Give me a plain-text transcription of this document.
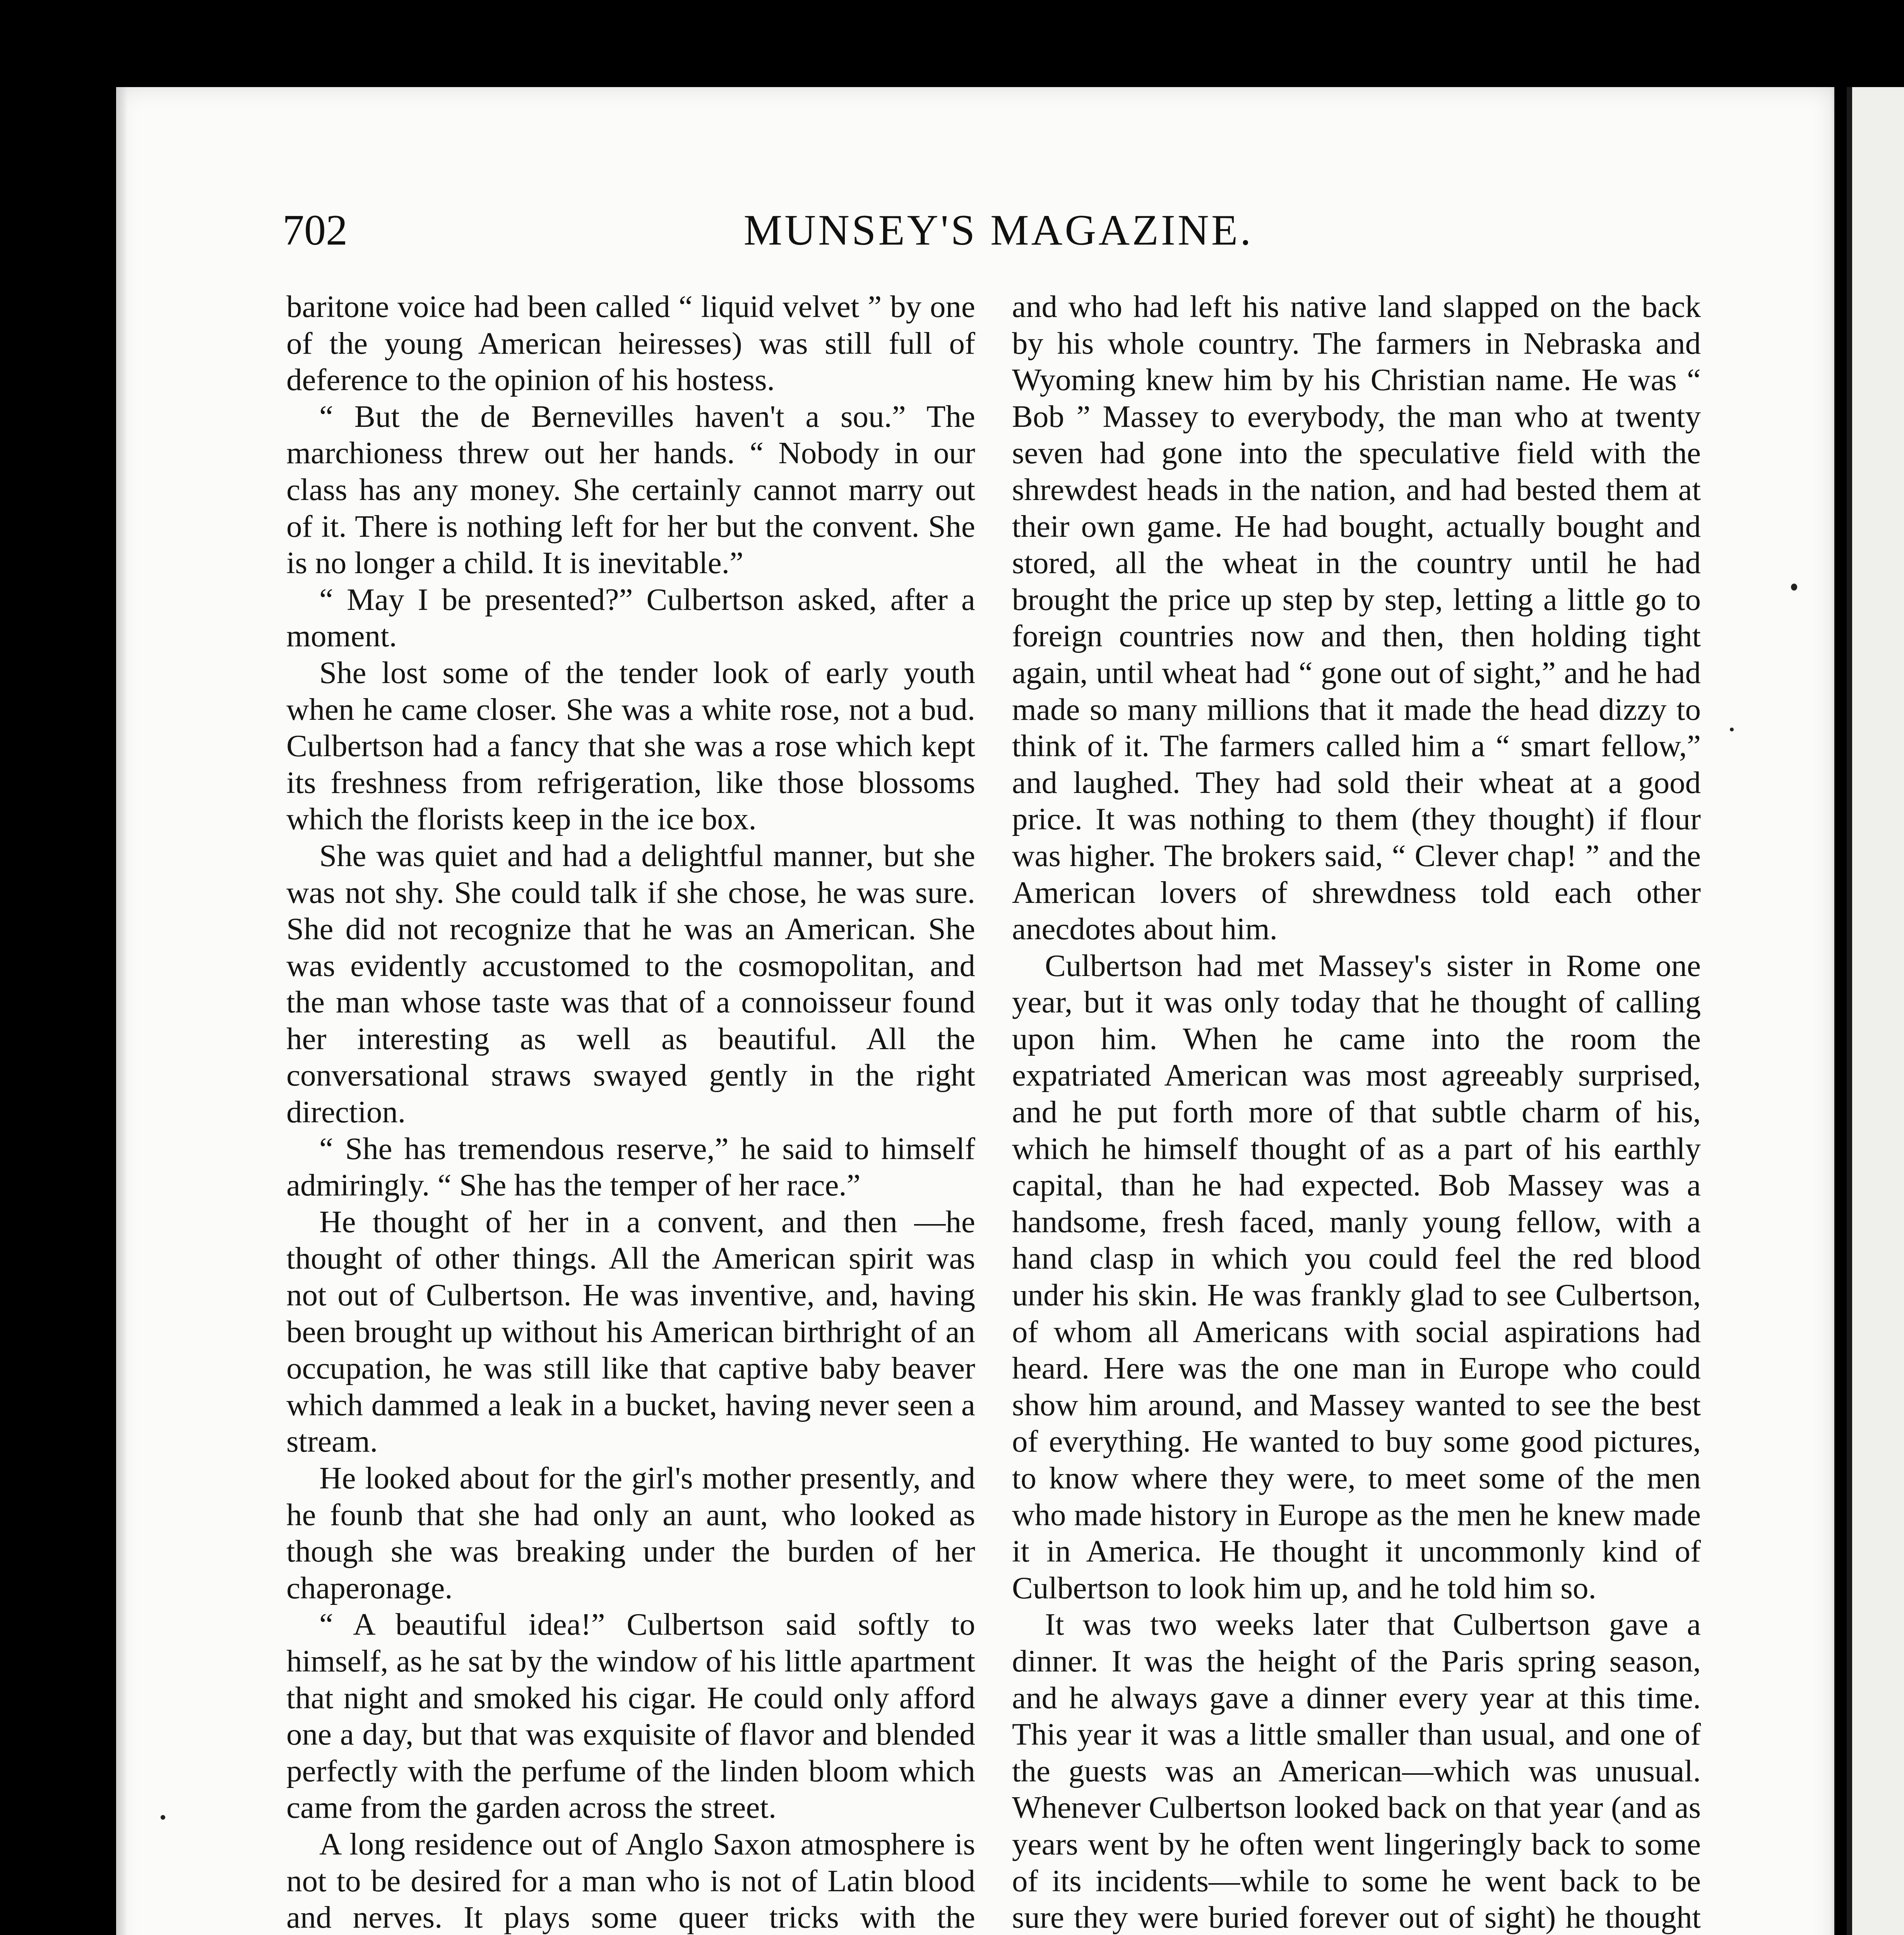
702	MUNSEY'S MAGAZINE.

baritone voice had been called “ liquid velvet ” by one of the young American heiresses) was still full of deference to the opinion of his hostess.

“ But the de Bernevilles haven't a sou.” The marchioness threw out her hands. “ Nobody in our class has any money. She certainly cannot marry out of it. There is nothing left for her but the convent. She is no longer a child. It is inevitable.”

“ May I be presented?” Culbertson asked, after a moment.

She lost some of the tender look of early youth when he came closer. She was a white rose, not a bud. Culbertson had a fancy that she was a rose which kept its freshness from refrigeration, like those blossoms which the florists keep in the ice box.

She was quiet and had a delightful manner, but she was not shy. She could talk if she chose, he was sure. She did not recognize that he was an American. She was evidently accustomed to the cosmopolitan, and the man whose taste was that of a connoisseur found her interesting as well as beautiful. All the conversational straws swayed gently in the right direction.

“ She has tremendous reserve,” he said to himself admiringly. “ She has the temper of her race.”

He thought of her in a convent, and then —he thought of other things. All the American spirit was not out of Culbertson. He was inventive, and, having been brought up without his American birthright of an occupation, he was still like that captive baby beaver which dammed a leak in a bucket, having never seen a stream.

He looked about for the girl's mother presently, and he founb that she had only an aunt, who looked as though she was breaking under the burden of her chaperonage.

“ A beautiful idea!” Culbertson said softly to himself, as he sat by the window of his little apartment that night and smoked his cigar. He could only afford one a day, but that was exquisite of flavor and blended perfectly with the perfume of the linden bloom which came from the garden across the street.

A long residence out of Anglo Saxon atmosphere is not to be desired for a man who is not of Latin blood and nerves. It plays some queer tricks with the

and who had left his native land slapped on the back by his whole country. The farmers in Nebraska and Wyoming knew him by his Christian name. He was “ Bob ” Massey to everybody, the man who at twenty seven had gone into the speculative field with the shrewdest heads in the nation, and had bested them at their own game. He had bought, actually bought and stored, all the wheat in the country until he had brought the price up step by step, letting a little go to foreign countries now and then, then holding tight again, until wheat had “ gone out of sight,” and he had made so many millions that it made the head dizzy to think of it. The farmers called him a “ smart fellow,” and laughed. They had sold their wheat at a good price. It was nothing to them (they thought) if flour was higher. The brokers said, “ Clever chap! ” and the American lovers of shrewdness told each other anecdotes about him.

Culbertson had met Massey's sister in Rome one year, but it was only today that he thought of calling upon him. When he came into the room the expatriated American was most agreeably surprised, and he put forth more of that subtle charm of his, which he himself thought of as a part of his earthly capital, than he had expected. Bob Massey was a handsome, fresh faced, manly young fellow, with a hand clasp in which you could feel the red blood under his skin. He was frankly glad to see Culbertson, of whom all Americans with social aspirations had heard. Here was the one man in Europe who could show him around, and Massey wanted to see the best of everything. He wanted to buy some good pictures, to know where they were, to meet some of the men who made history in Europe as the men he knew made it in America. He thought it uncommonly kind of Culbertson to look him up, and he told him so.

It was two weeks later that Culbertson gave a dinner. It was the height of the Paris spring season, and he always gave a dinner every year at this time. This year it was a little smaller than usual, and one of the guests was an American—which was unusual. Whenever Culbertson looked back on that year (and as years went by he often went lingeringly back to some of its incidents—while to some he went back to be sure they were buried forever out of sight) he thought
